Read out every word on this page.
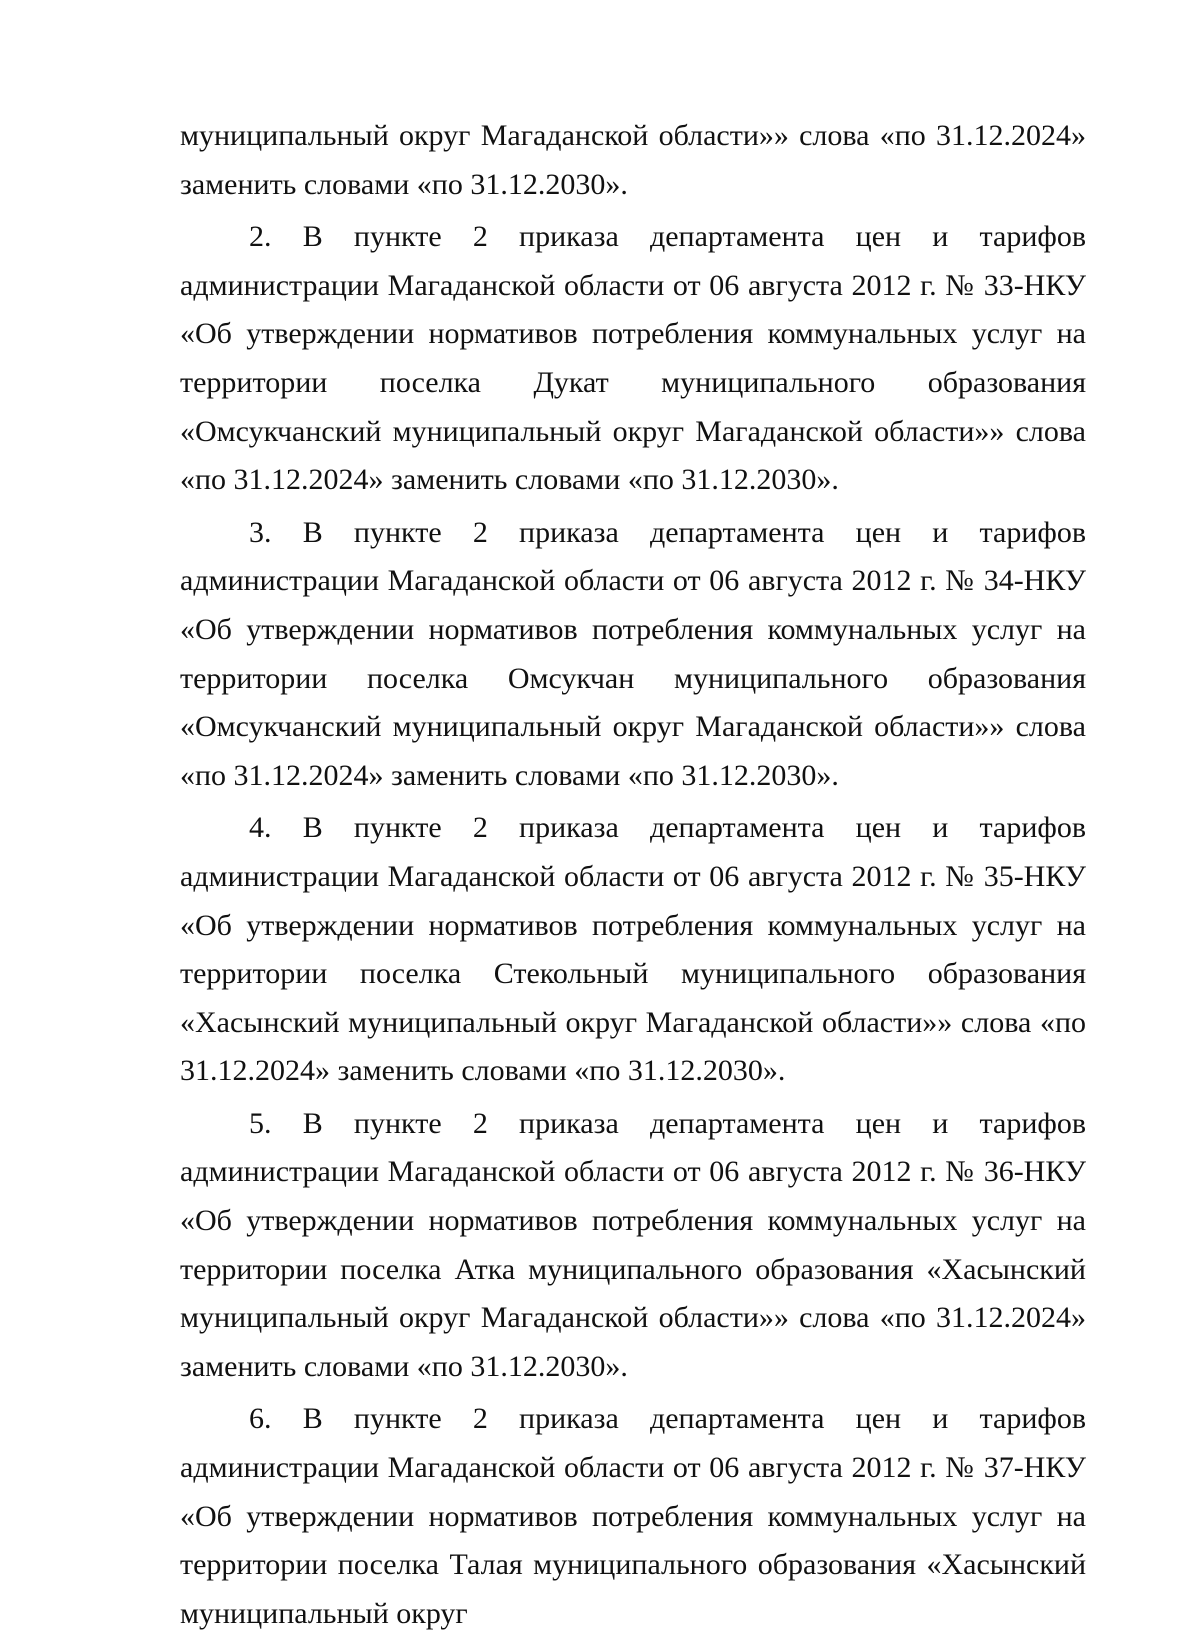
муниципальный округ Магаданской области»» слова «по 31.12.2024» заменить словами «по 31.12.2030».

2. В пункте 2 приказа департамента цен и тарифов администрации Магаданской области от 06 августа 2012 г. № 33-НКУ «Об утверждении нормативов потребления коммунальных услуг на территории поселка Дукат муниципального образования «Омсукчанский муниципальный округ Магаданской области»» слова «по 31.12.2024» заменить словами «по 31.12.2030».

3. В пункте 2 приказа департамента цен и тарифов администрации Магаданской области от 06 августа 2012 г. № 34-НКУ «Об утверждении нормативов потребления коммунальных услуг на территории поселка Омсукчан муниципального образования «Омсукчанский муниципальный округ Магаданской области»» слова «по 31.12.2024» заменить словами «по 31.12.2030».

4. В пункте 2 приказа департамента цен и тарифов администрации Магаданской области от 06 августа 2012 г. № 35-НКУ «Об утверждении нормативов потребления коммунальных услуг на территории поселка Стекольный муниципального образования «Хасынский муниципальный округ Магаданской области»» слова «по 31.12.2024» заменить словами «по 31.12.2030».

5. В пункте 2 приказа департамента цен и тарифов администрации Магаданской области от 06 августа 2012 г. № 36-НКУ «Об утверждении нормативов потребления коммунальных услуг на территории поселка Атка муниципального образования «Хасынский муниципальный округ Магаданской области»» слова «по 31.12.2024» заменить словами «по 31.12.2030».

6. В пункте 2 приказа департамента цен и тарифов администрации Магаданской области от 06 августа 2012 г. № 37-НКУ «Об утверждении нормативов потребления коммунальных услуг на территории поселка Талая муниципального образования «Хасынский муниципальный округ
